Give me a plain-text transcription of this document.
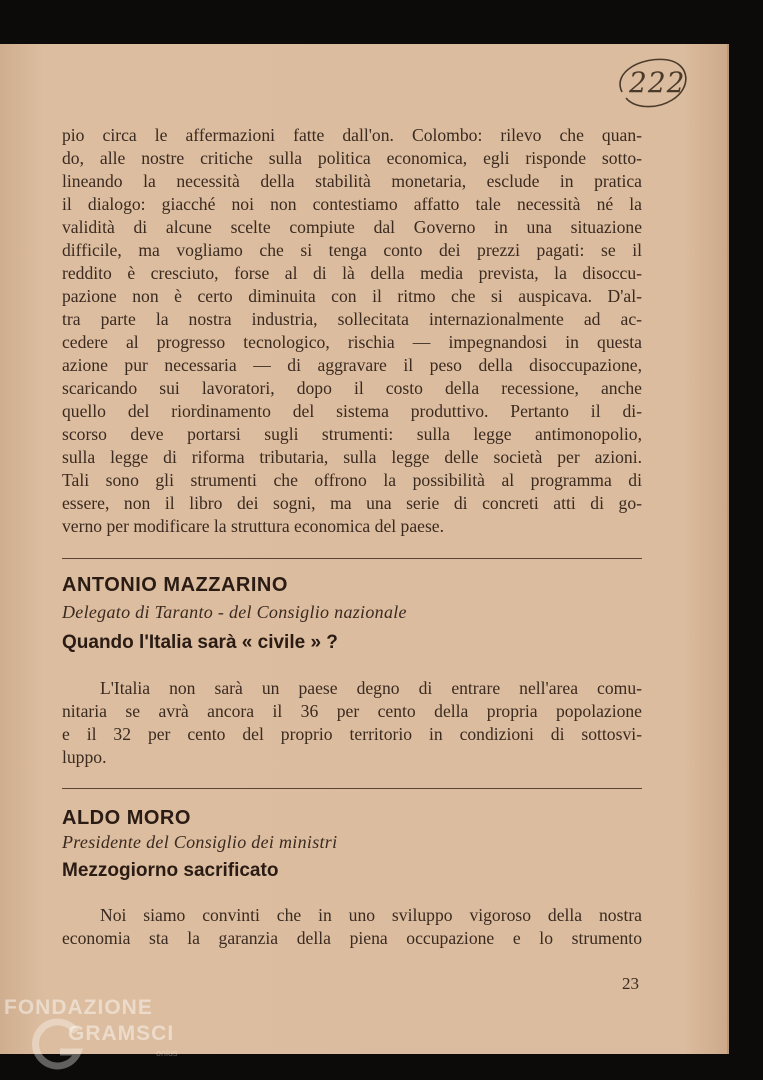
222
pio circa le affermazioni fatte dall'on. Colombo: rilevo che quan-
do, alle nostre critiche sulla politica economica, egli risponde sotto-
lineando la necessità della stabilità monetaria, esclude in pratica
il dialogo: giacché noi non contestiamo affatto tale necessità né la
validità di alcune scelte compiute dal Governo in una situazione
difficile, ma vogliamo che si tenga conto dei prezzi pagati: se il
reddito è cresciuto, forse al di là della media prevista, la disoccu-
pazione non è certo diminuita con il ritmo che si auspicava. D'al-
tra parte la nostra industria, sollecitata internazionalmente ad ac-
cedere al progresso tecnologico, rischia — impegnandosi in questa
azione pur necessaria — di aggravare il peso della disoccupazione,
scaricando sui lavoratori, dopo il costo della recessione, anche
quello del riordinamento del sistema produttivo. Pertanto il di-
scorso deve portarsi sugli strumenti: sulla legge antimonopolio,
sulla legge di riforma tributaria, sulla legge delle società per azioni.
Tali sono gli strumenti che offrono la possibilità al programma di
essere, non il libro dei sogni, ma una serie di concreti atti di go-
verno per modificare la struttura economica del paese.
ANTONIO MAZZARINO
Delegato di Taranto - del Consiglio nazionale
Quando l'Italia sarà « civile » ?
L'Italia non sarà un paese degno di entrare nell'area comu-
nitaria se avrà ancora il 36 per cento della propria popolazione
e il 32 per cento del proprio territorio in condizioni di sottosvi-
luppo.
ALDO MORO
Presidente del Consiglio dei ministri
Mezzogiorno sacrificato
Noi siamo convinti che in uno sviluppo vigoroso della nostra
economia sta la garanzia della piena occupazione e lo strumento
23
FONDAZIONE
GRAMSCI
onlus
